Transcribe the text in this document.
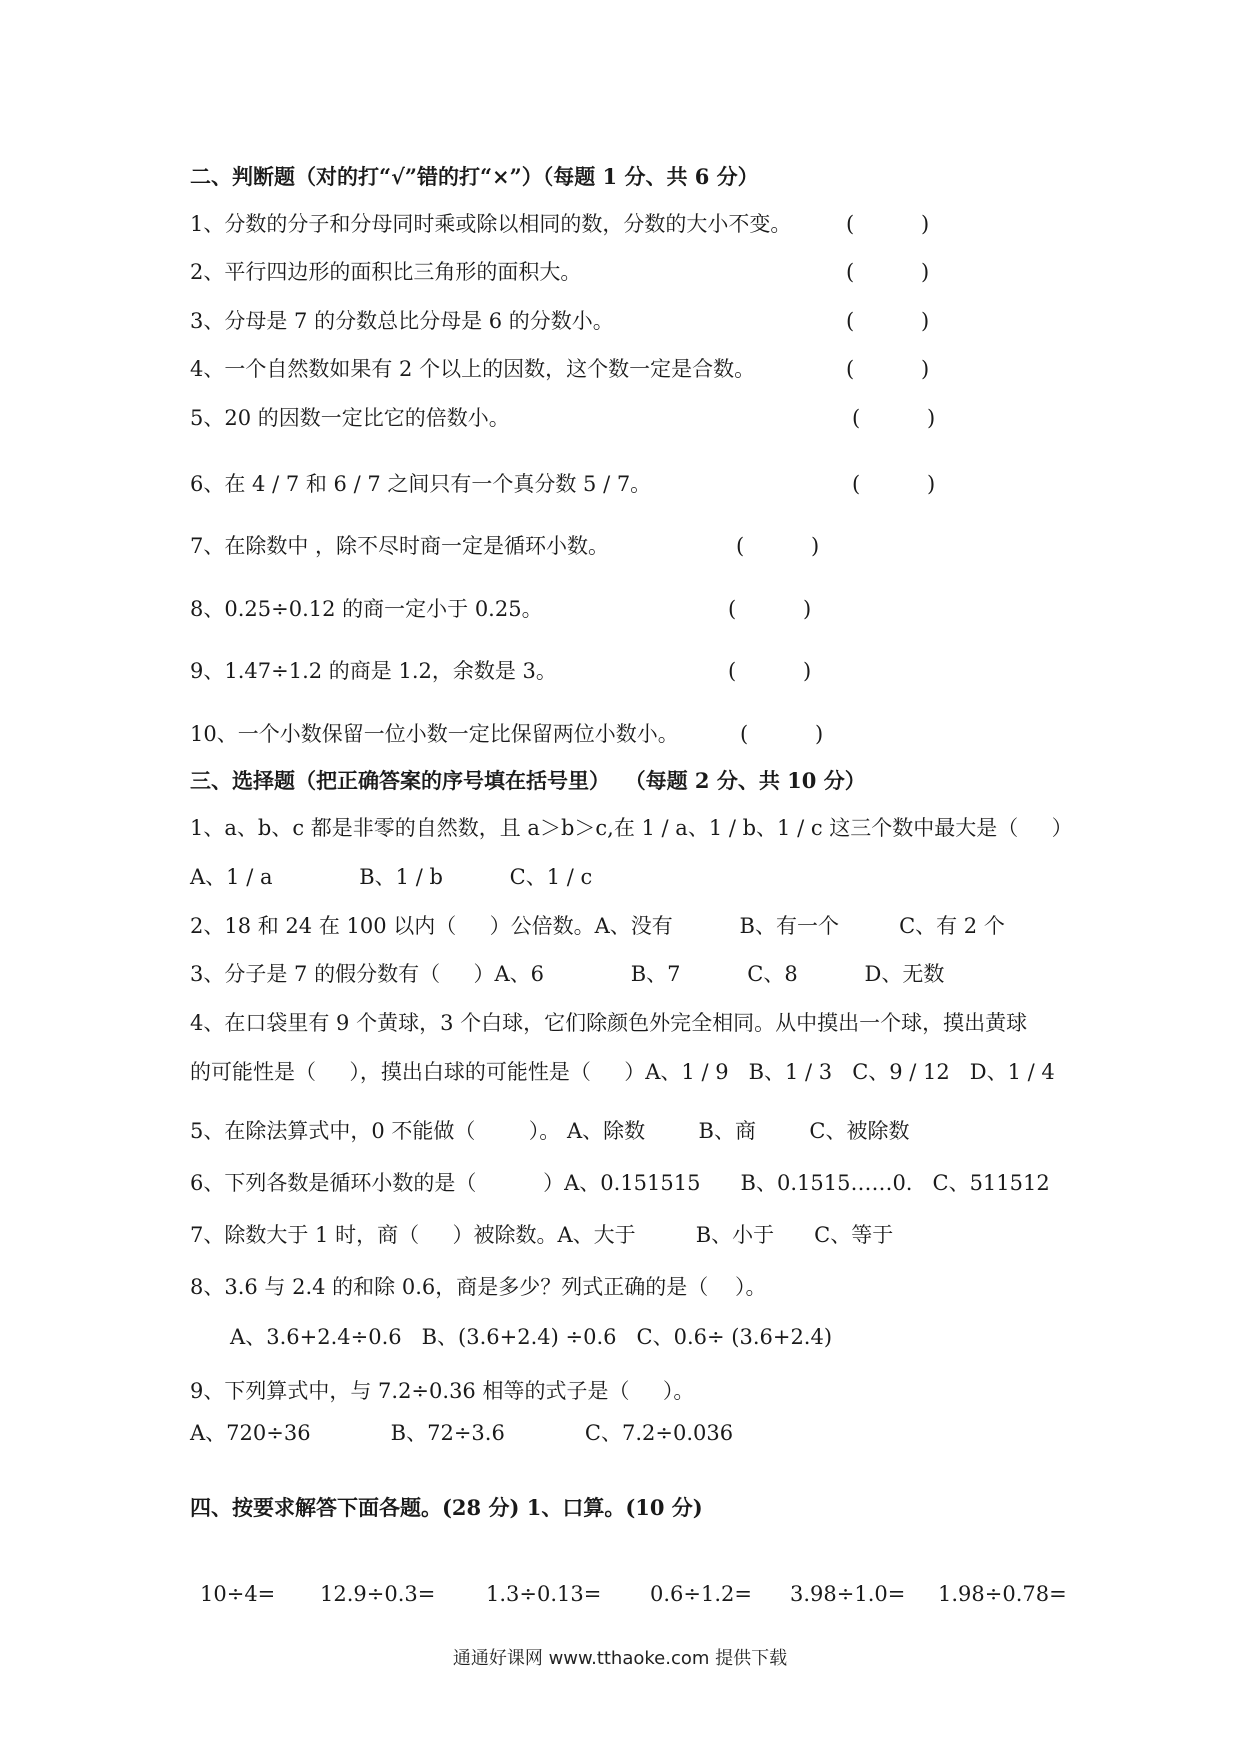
二、判断题（对的打“√”错的打“×”）（每题 1 分、共 6 分）
1、分数的分子和分母同时乘或除以相同的数，分数的大小不变。	(          )
2、平行四边形的面积比三角形的面积大。	(          )
3、分母是 7 的分数总比分母是 6 的分数小。	(          )
4、一个自然数如果有 2 个以上的因数，这个数一定是合数。	(          )
5、20 的因数一定比它的倍数小。	(          )
6、在 4 / 7 和 6 / 7 之间只有一个真分数 5 / 7。	(          )
7、在除数中 ，除不尽时商一定是循环小数。	(          )
8、0.25÷0.12 的商一定小于 0.25。	(          )
9、1.47÷1.2 的商是 1.2，余数是 3。	(          )
10、一个小数保留一位小数一定比保留两位小数小。	(          )
三、选择题（把正确答案的序号填在括号里）  （每题 2 分、共 10 分）
1、a、b、c 都是非零的自然数，且 a＞b＞c,在 1 / a、1 / b、1 / c 这三个数中最大是（     ）
A、1 / a             B、1 / b          C、1 / c
2、18 和 24 在 100 以内（     ）公倍数。A、没有          B、有一个         C、有 2 个
3、分子是 7 的假分数有（     ）A、6             B、7          C、8          D、无数
4、在口袋里有 9 个黄球，3 个白球，它们除颜色外完全相同。从中摸出一个球，摸出黄球
的可能性是（     ），摸出白球的可能性是（     ）A、1 / 9   B、1 / 3   C、9 / 12   D、1 / 4
5、在除法算式中，0 不能做（        ）。 A、除数        B、商        C、被除数
6、下列各数是循环小数的是（          ）A、0.151515      B、0.1515……0.   C、511512
7、除数大于 1 时，商（     ）被除数。A、大于         B、小于      C、等于
8、3.6 与 2.4 的和除 0.6，商是多少？列式正确的是（    ）。
A、3.6+2.4÷0.6   B、(3.6+2.4) ÷0.6   C、0.6÷ (3.6+2.4)
9、下列算式中，与 7.2÷0.36 相等的式子是（     ）。
A、720÷36            B、72÷3.6            C、7.2÷0.036
四、按要求解答下面各题。(28 分) 1、口算。(10 分)
10÷4= 12.9÷0.3= 1.3÷0.13= 0.6÷1.2= 3.98÷1.0= 1.98÷0.78=
通通好课网 www.tthaoke.com 提供下载
